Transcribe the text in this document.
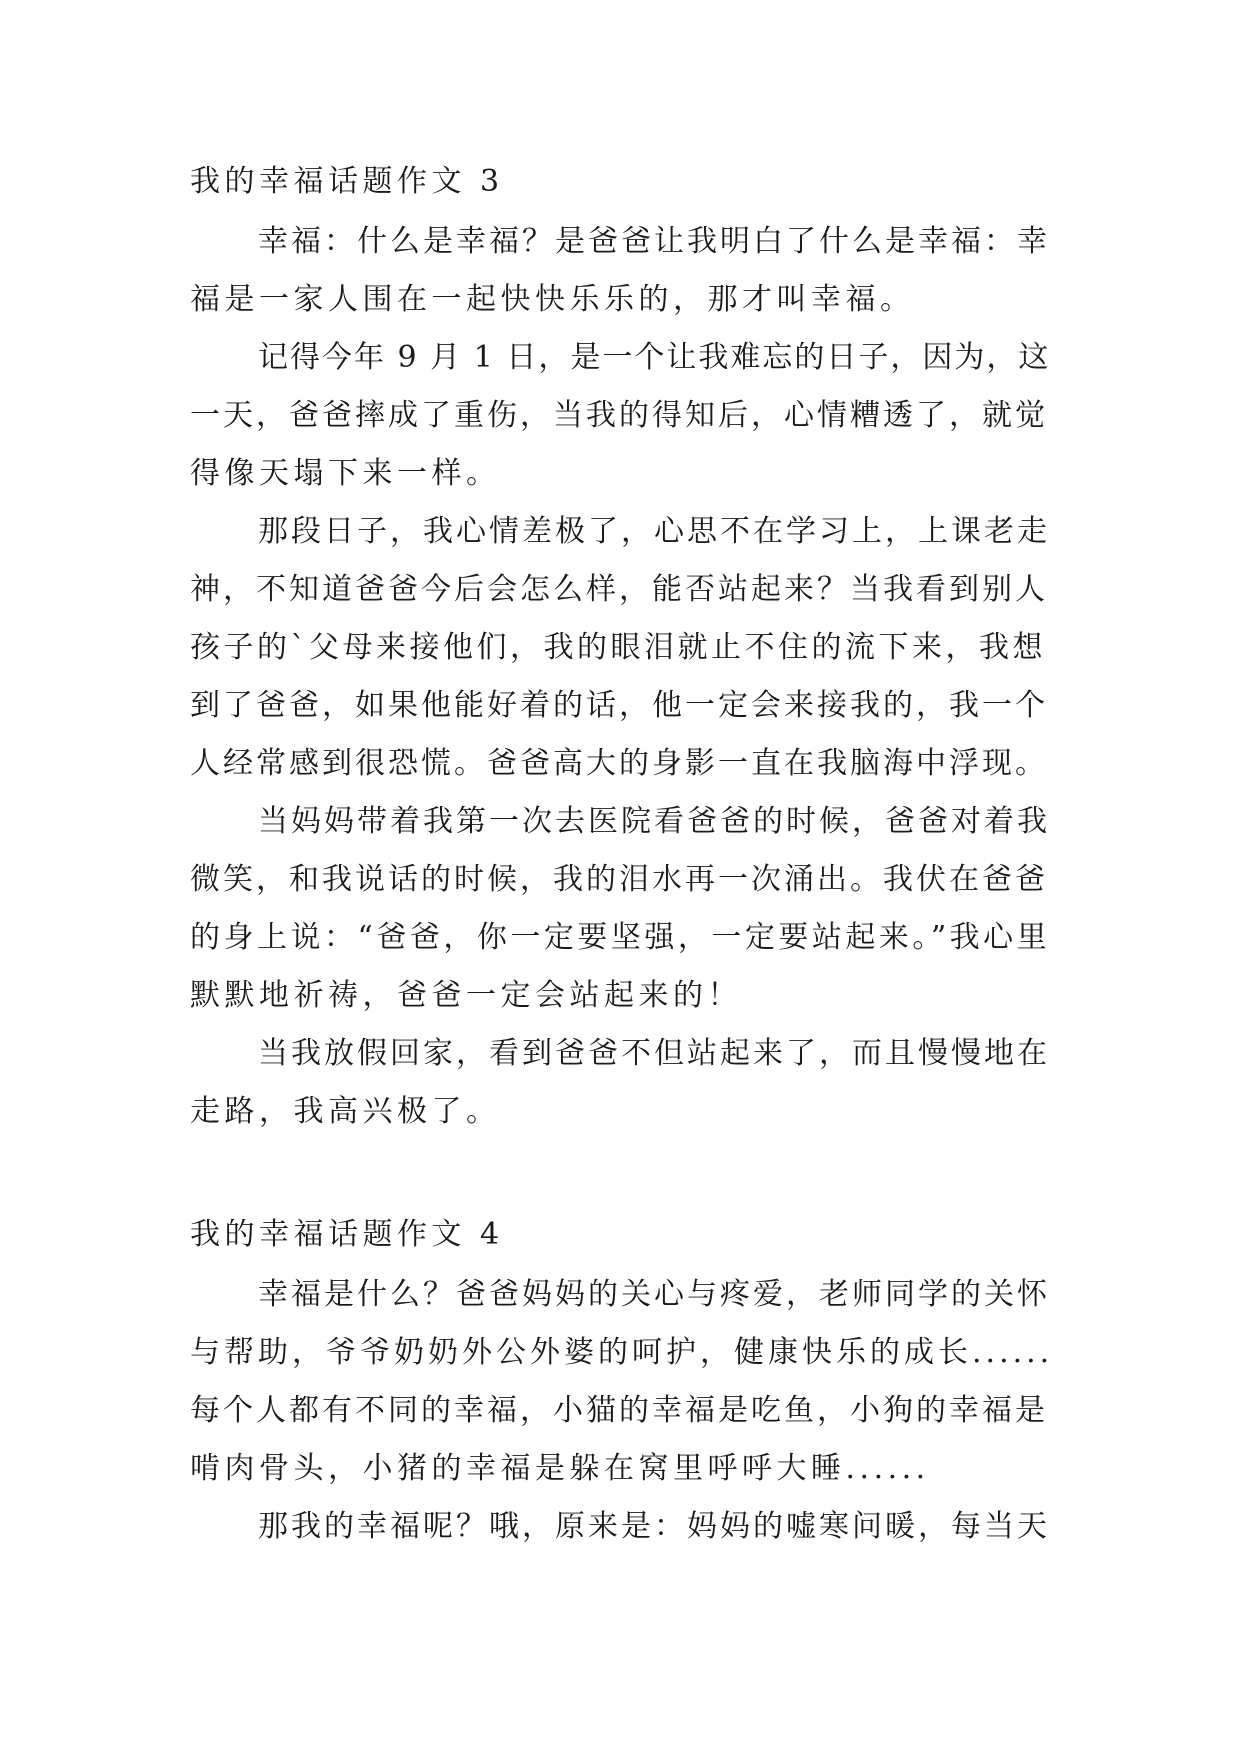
我的幸福话题作文 3
幸福：什么是幸福？是爸爸让我明白了什么是幸福：幸
福是一家人围在一起快快乐乐的，那才叫幸福。
记得今年 9 月 1 日，是一个让我难忘的日子，因为，这
一天，爸爸摔成了重伤，当我的得知后，心情糟透了，就觉
得像天塌下来一样。
那段日子，我心情差极了，心思不在学习上，上课老走
神，不知道爸爸今后会怎么样，能否站起来？当我看到别人
孩子的`父母来接他们，我的眼泪就止不住的流下来，我想
到了爸爸，如果他能好着的话，他一定会来接我的，我一个
人经常感到很恐慌。爸爸高大的身影一直在我脑海中浮现。
当妈妈带着我第一次去医院看爸爸的时候，爸爸对着我
微笑，和我说话的时候，我的泪水再一次涌出。我伏在爸爸
的身上说：“爸爸，你一定要坚强，一定要站起来。”我心里
默默地祈祷，爸爸一定会站起来的！
当我放假回家，看到爸爸不但站起来了，而且慢慢地在
走路，我高兴极了。
我的幸福话题作文 4
幸福是什么？爸爸妈妈的关心与疼爱，老师同学的关怀
与帮助，爷爷奶奶外公外婆的呵护，健康快乐的成长......
每个人都有不同的幸福，小猫的幸福是吃鱼，小狗的幸福是
啃肉骨头，小猪的幸福是躲在窝里呼呼大睡......
那我的幸福呢？哦，原来是：妈妈的嘘寒问暖，每当天
